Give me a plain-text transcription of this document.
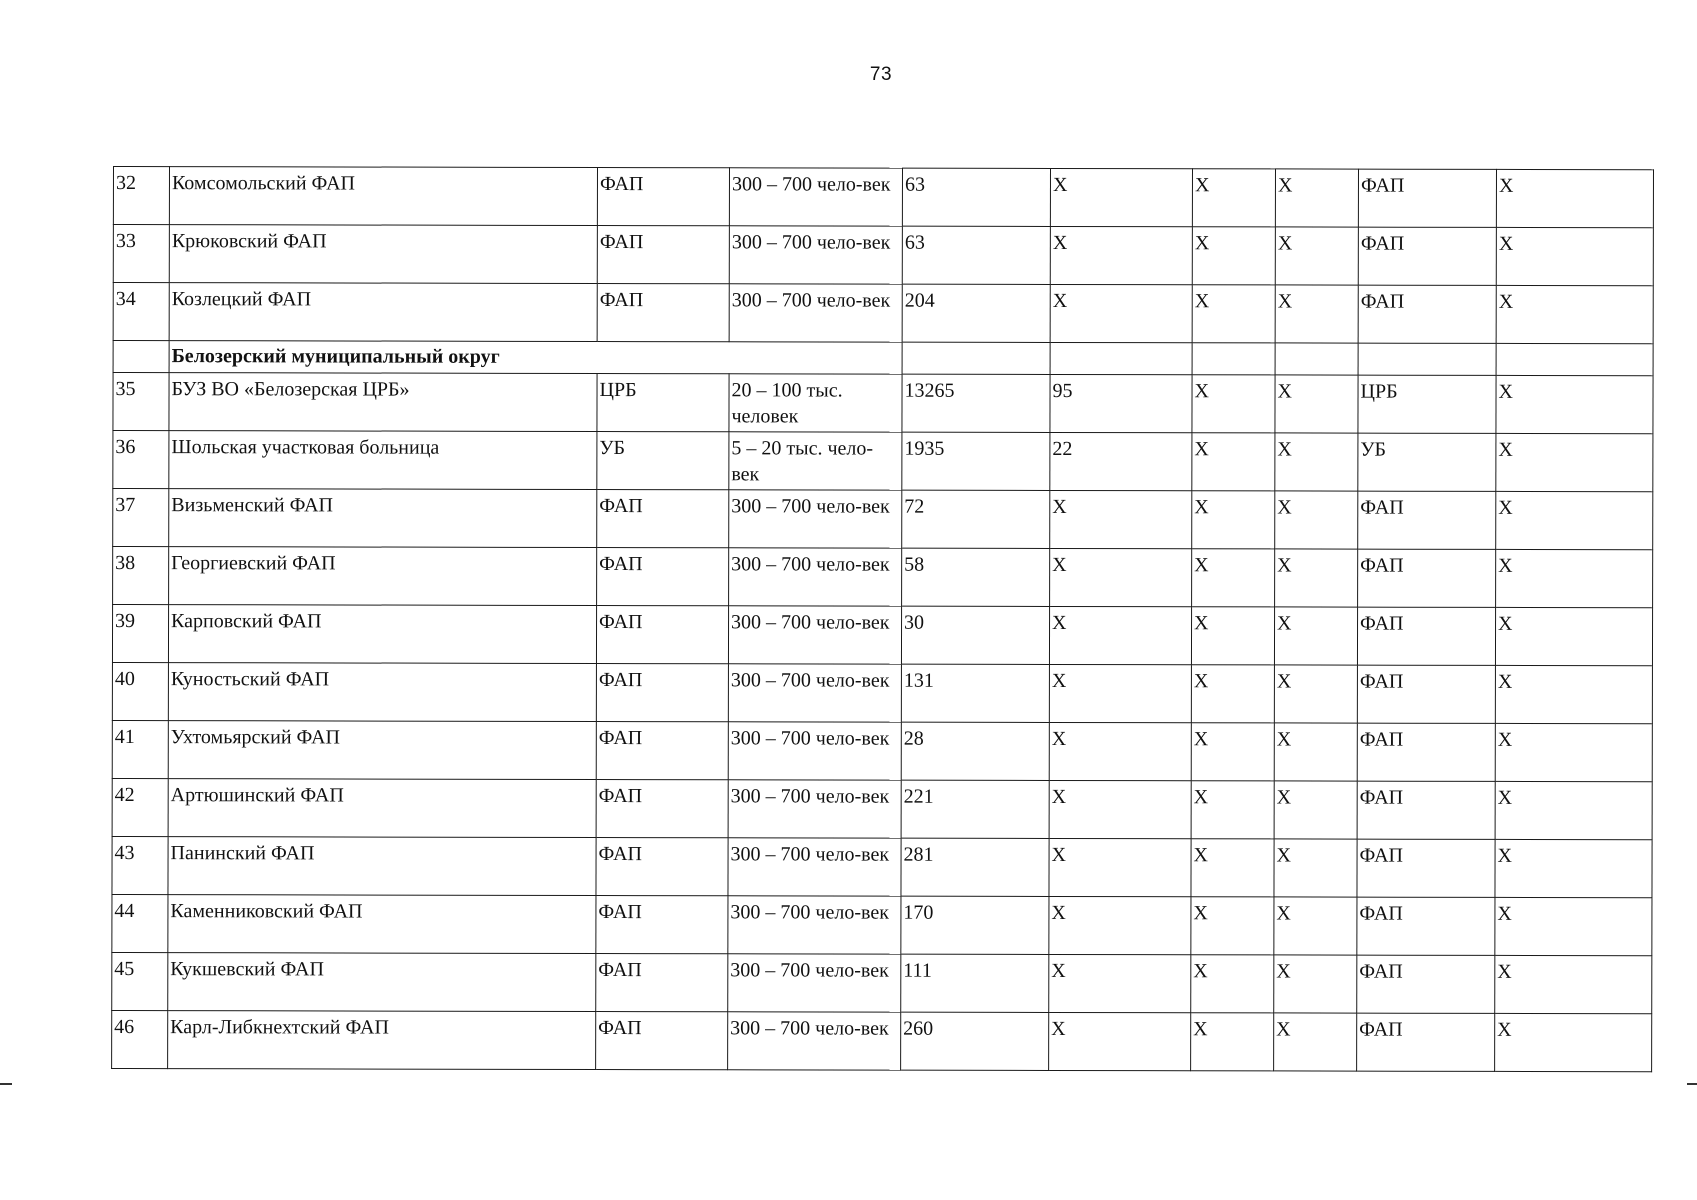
73
32	Комсомольский ФАП	ФАП	300 – 700 чело-век	63	Х	Х	Х	ФАП	Х
33	Крюковский ФАП	ФАП	300 – 700 чело-век	63	Х	Х	Х	ФАП	Х
34	Козлецкий ФАП	ФАП	300 – 700 чело-век	204	Х	Х	Х	ФАП	Х
	Белозерский муниципальный округ								
35	БУЗ ВО «Белозерская ЦРБ»	ЦРБ	20 – 100 тыс. человек	13265	95	Х	Х	ЦРБ	Х
36	Шольская участковая больница	УБ	5 – 20 тыс. чело-век	1935	22	Х	Х	УБ	Х
37	Визьменский ФАП	ФАП	300 – 700 чело-век	72	Х	Х	Х	ФАП	Х
38	Георгиевский ФАП	ФАП	300 – 700 чело-век	58	Х	Х	Х	ФАП	Х
39	Карповский ФАП	ФАП	300 – 700 чело-век	30	Х	Х	Х	ФАП	Х
40	Куностьский ФАП	ФАП	300 – 700 чело-век	131	Х	Х	Х	ФАП	Х
41	Ухтомьярский ФАП	ФАП	300 – 700 чело-век	28	Х	Х	Х	ФАП	Х
42	Артюшинский ФАП	ФАП	300 – 700 чело-век	221	Х	Х	Х	ФАП	Х
43	Панинский ФАП	ФАП	300 – 700 чело-век	281	Х	Х	Х	ФАП	Х
44	Каменниковский ФАП	ФАП	300 – 700 чело-век	170	Х	Х	Х	ФАП	Х
45	Кукшевский ФАП	ФАП	300 – 700 чело-век	111	Х	Х	Х	ФАП	Х
46	Карл-Либкнехтский ФАП	ФАП	300 – 700 чело-век	260	Х	Х	Х	ФАП	Х
